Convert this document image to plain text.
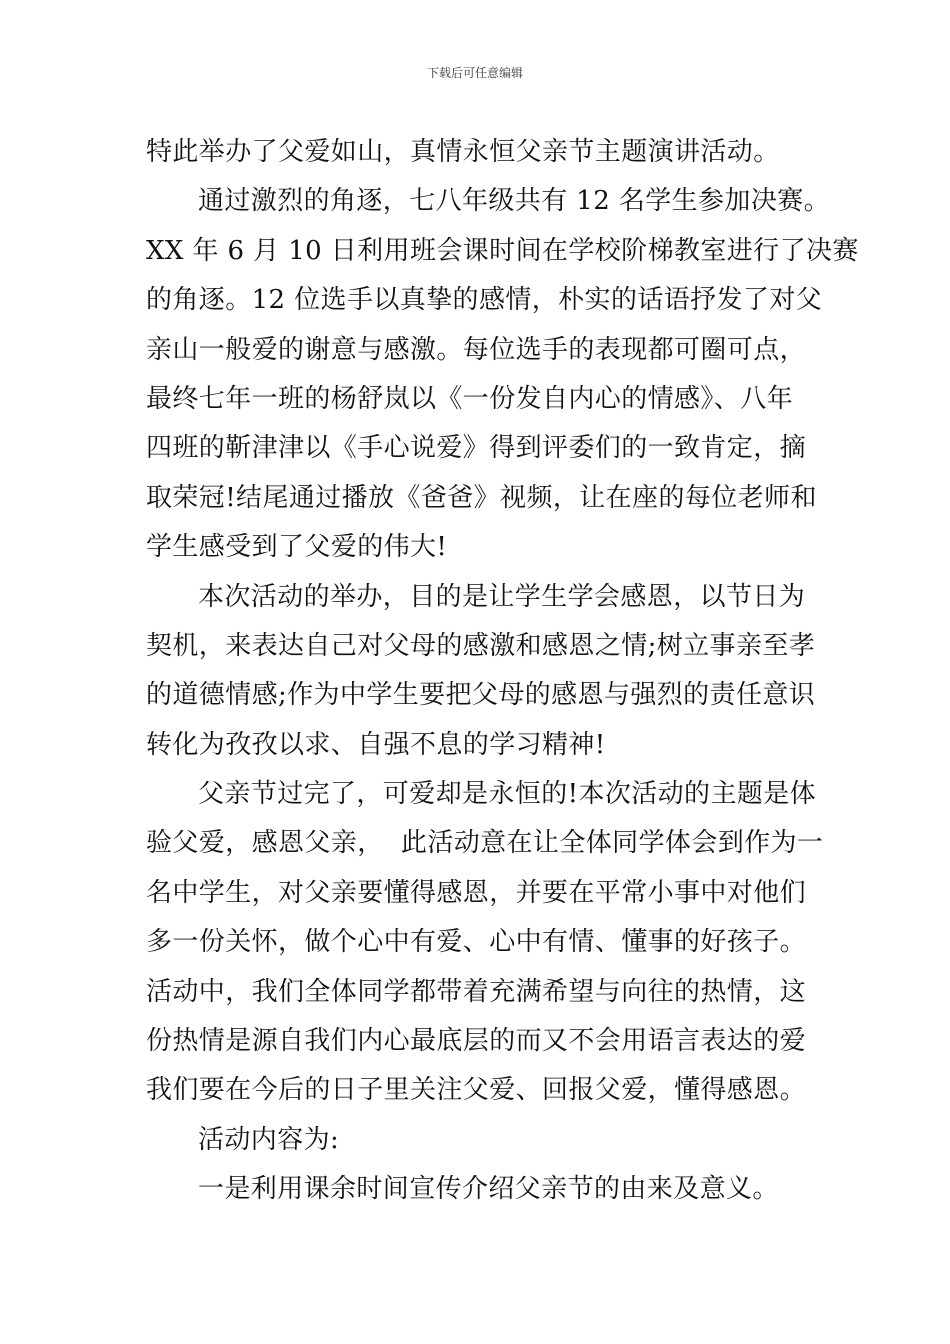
下载后可任意编辑
特此举办了父爱如山，真情永恒父亲节主题演讲活动。
通过激烈的角逐，七八年级共有 12 名学生参加决赛。
XX 年 6 月 10 日利用班会课时间在学校阶梯教室进行了决赛
的角逐。12 位选手以真挚的感情，朴实的话语抒发了对父
亲山一般爱的谢意与感激。每位选手的表现都可圈可点，
最终七年一班的杨舒岚以《一份发自内心的情感》、八年
四班的靳津津以《手心说爱》得到评委们的一致肯定，摘
取荣冠!结尾通过播放《爸爸》视频，让在座的每位老师和
学生感受到了父爱的伟大!
本次活动的举办，目的是让学生学会感恩，以节日为
契机，来表达自己对父母的感激和感恩之情;树立事亲至孝
的道德情感;作为中学生要把父母的感恩与强烈的责任意识
转化为孜孜以求、自强不息的学习精神!
父亲节过完了，可爱却是永恒的!本次活动的主题是体
验父爱，感恩父亲，  此活动意在让全体同学体会到作为一
名中学生，对父亲要懂得感恩，并要在平常小事中对他们
多一份关怀，做个心中有爱、心中有情、懂事的好孩子。
活动中，我们全体同学都带着充满希望与向往的热情，这
份热情是源自我们内心最底层的而又不会用语言表达的爱
我们要在今后的日子里关注父爱、回报父爱，懂得感恩。
活动内容为:
一是利用课余时间宣传介绍父亲节的由来及意义。
